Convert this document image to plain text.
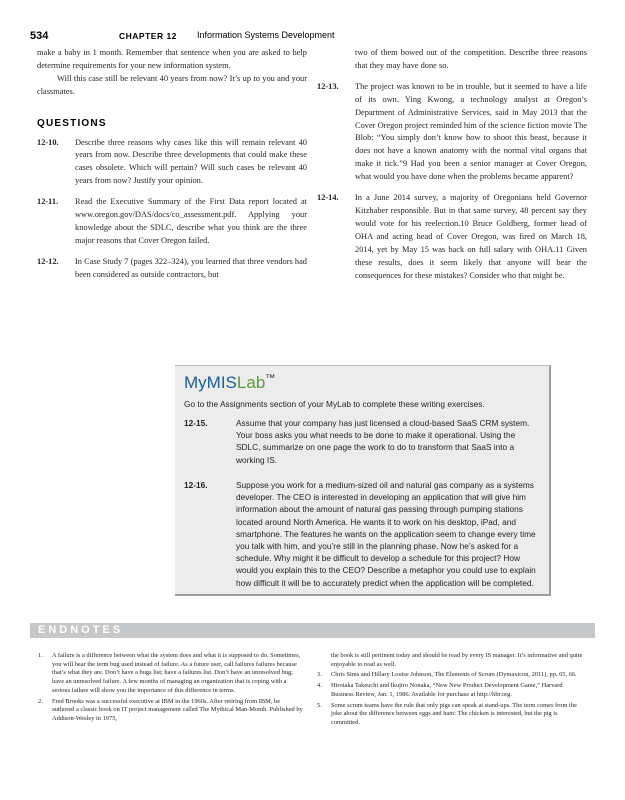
534	CHAPTER 12 Information Systems Development

make a baby in 1 month. Remember that sentence when you are asked to help determine requirements for your new information system.

Will this case still be relevant 40 years from now? It’s up to you and your classmates.

QUESTIONS
12-10. Describe three reasons why cases like this will remain relevant 40 years from now. Describe three developments that could make these cases obsolete. Which will pertain? Will such cases be relevant 40 years from now? Justify your opinion.
12-11. Read the Executive Summary of the First Data report located at www.oregon.gov/DAS/docs/co_assessment.pdf. Applying your knowledge about the SDLC, describe what you think are the three major reasons that Cover Oregon failed.
12-12. In Case Study 7 (pages 322–324), you learned that three vendors had been considered as outside contractors, but
two of them bowed out of the competition. Describe three reasons that they may have done so.
12-13. The project was known to be in trouble, but it seemed to have a life of its own. Ying Kwong, a technology analyst at Oregon’s Department of Administrative Services, said in May 2013 that the Cover Oregon project reminded him of the science fiction movie The Blob: “You simply don’t know how to shoot this beast, because it does not have a known anatomy with the normal vital organs that make it tick.”9 Had you been a senior manager at Cover Oregon, what would you have done when the problems became apparent?
12-14. In a June 2014 survey, a majority of Oregonians held Governor Kitzhaber responsible. But in that same survey, 48 percent say they would vote for his reelection.10 Bruce Goldberg, former head of OHA and acting head of Cover Oregon, was fired on March 18, 2014, yet by May 15 was back on full salary with OHA.11 Given these results, does it seem likely that anyone will bear the consequences for these mistakes? Consider who that might be.
MyMISLab™
Go to the Assignments section of your MyLab to complete these writing exercises.
12-15.	Assume that your company has just licensed a cloud-based SaaS CRM system. Your boss asks you what needs to be done to make it operational. Using the SDLC, summarize on one page the work to do to transform that SaaS into a working IS.
12-16.	Suppose you work for a medium-sized oil and natural gas company as a systems developer. The CEO is interested in developing an application that will give him information about the amount of natural gas passing through pumping stations located around North America. He wants it to work on his desktop, iPad, and smartphone. The features he wants on the application seem to change every time you talk with him, and you’re still in the planning phase. Now he’s asked for a schedule. Why might it be difficult to develop a schedule for this project? How would you explain this to the CEO? Describe a metaphor you could use to explain how difficult it will be to accurately predict when the application will be completed.
ENDNOTES
1. A failure is a difference between what the system does and what it is supposed to do. Sometimes, you will hear the term bug used instead of failure. As a future user, call failures failures because that’s what they are. Don’t have a bugs list; have a failures list. Don’t have an unresolved bug; have an unresolved failure. A few months of managing an organization that is coping with a serious failure will show you the importance of this difference in terms.
2. Fred Brooks was a successful executive at IBM in the 1960s. After retiring from IBM, he authored a classic book on IT project management called The Mythical Man-Month. Published by Addison-Wesley in 1975,
the book is still pertinent today and should be read by every IS manager. It’s informative and quite enjoyable to read as well.
3. Chris Sims and Hillary Louise Johnson, The Elements of Scrum (Dymaxicon, 2011), pp. 65, 66.
4. Hirotaka Takeuchi and Ikujiro Nonaka, “New New Product Development Game,” Harvard Business Review, Jan. 1, 1986. Available for purchase at http://hbr.org.
5. Some scrum teams have the rule that only pigs can speak at stand-ups. The term comes from the joke about the difference between eggs and ham: The chicken is interested, but the pig is committed.
